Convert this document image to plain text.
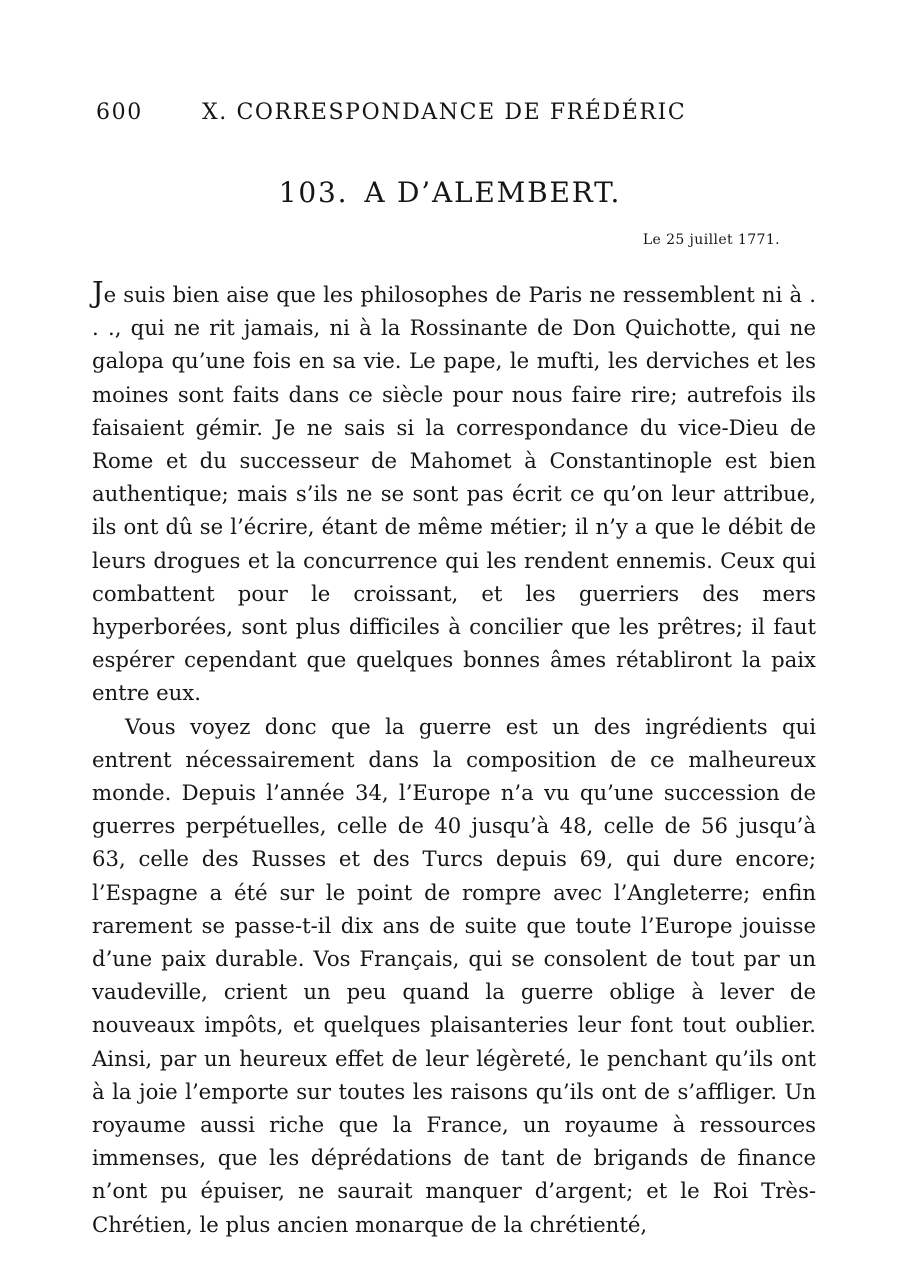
600	X. CORRESPONDANCE DE FRÉDÉRIC
103. A D’ALEMBERT.
Le 25 juillet 1771.

Je suis bien aise que les philosophes de Paris ne ressemblent ni à . . ., qui ne rit jamais, ni à la Rossinante de Don Quichotte, qui ne galopa qu’une fois en sa vie. Le pape, le mufti, les derviches et les moines sont faits dans ce siècle pour nous faire rire; autrefois ils faisaient gémir. Je ne sais si la correspondance du vice-Dieu de Rome et du successeur de Mahomet à Constantinople est bien authentique; mais s’ils ne se sont pas écrit ce qu’on leur attribue, ils ont dû se l’écrire, étant de même métier; il n’y a que le débit de leurs drogues et la concurrence qui les rendent ennemis. Ceux qui combattent pour le croissant, et les guerriers des mers hyperborées, sont plus difficiles à concilier que les prêtres; il faut espérer cependant que quelques bonnes âmes rétabliront la paix entre eux.

Vous voyez donc que la guerre est un des ingrédients qui entrent nécessairement dans la composition de ce malheureux monde. Depuis l’année 34, l’Europe n’a vu qu’une succession de guerres perpétuelles, celle de 40 jusqu’à 48, celle de 56 jusqu’à 63, celle des Russes et des Turcs depuis 69, qui dure encore; l’Espagne a été sur le point de rompre avec l’Angleterre; enfin rarement se passe-t-il dix ans de suite que toute l’Europe jouisse d’une paix durable. Vos Français, qui se consolent de tout par un vaudeville, crient un peu quand la guerre oblige à lever de nouveaux impôts, et quelques plaisanteries leur font tout oublier. Ainsi, par un heureux effet de leur légèreté, le penchant qu’ils ont à la joie l’emporte sur toutes les raisons qu’ils ont de s’affliger. Un royaume aussi riche que la France, un royaume à ressources immenses, que les déprédations de tant de brigands de finance n’ont pu épuiser, ne saurait manquer d’argent; et le Roi Très-Chrétien, le plus ancien monarque de la chrétienté,
